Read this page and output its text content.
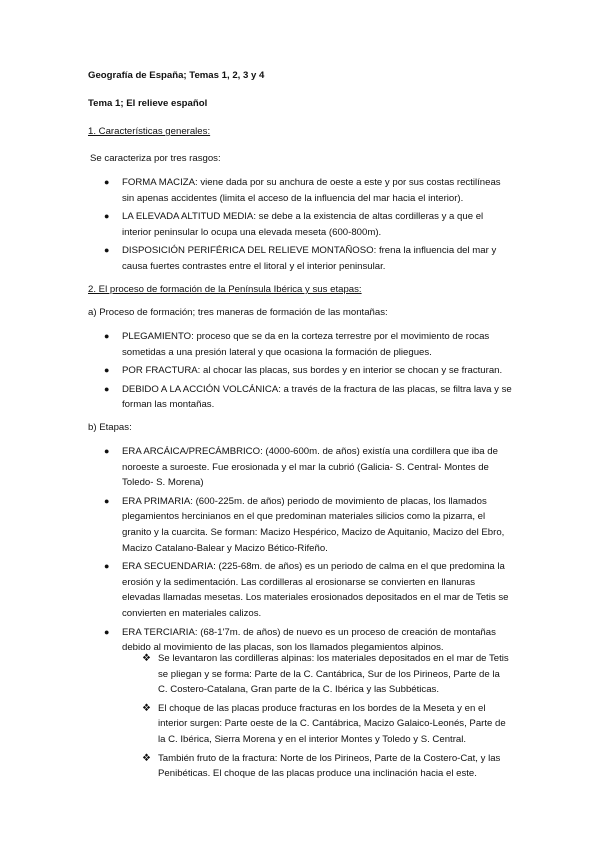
Geografía de España; Temas 1, 2, 3 y 4
Tema 1; El relieve español
1. Características generales:
Se caracteriza por tres rasgos:
● FORMA MACIZA: viene dada por su anchura de oeste a este y por sus costas rectilíneas sin apenas accidentes (limita el acceso de la influencia del mar hacia el interior).
● LA ELEVADA ALTITUD MEDIA: se debe a la existencia de altas cordilleras y a que el interior peninsular lo ocupa una elevada meseta (600-800m).
● DISPOSICIÓN PERIFÉRICA DEL RELIEVE MONTAÑOSO: frena la influencia del mar y causa fuertes contrastes entre el litoral y el interior peninsular.
2. El proceso de formación de la Península Ibérica y sus etapas:
a) Proceso de formación; tres maneras de formación de las montañas:
● PLEGAMIENTO: proceso que se da en la corteza terrestre por el movimiento de rocas sometidas a una presión lateral y que ocasiona la formación de pliegues.
● POR FRACTURA: al chocar las placas, sus bordes y en interior se chocan y se fracturan.
● DEBIDO A LA ACCIÓN VOLCÁNICA: a través de la fractura de las placas, se filtra lava y se forman las montañas.
b) Etapas:
● ERA ARCÁICA/PRECÁMBRICO: (4000-600m. de años) existía una cordillera que iba de noroeste a suroeste. Fue erosionada y el mar la cubrió (Galicia- S. Central- Montes de Toledo- S. Morena)
● ERA PRIMARIA: (600-225m. de años) periodo de movimiento de placas, los llamados plegamientos hercinianos en el que predominan materiales silicios como la pizarra, el granito y la cuarcita. Se forman: Macizo Hespérico, Macizo de Aquitanio, Macizo del Ebro, Macizo Catalano-Balear y Macizo Bético-Rifeño.
● ERA SECUENDARIA: (225-68m. de años) es un periodo de calma en el que predomina la erosión y la sedimentación. Las cordilleras al erosionarse se convierten en llanuras elevadas llamadas mesetas. Los materiales erosionados depositados en el mar de Tetis se convierten en materiales calizos.
● ERA TERCIARIA: (68-1'7m. de años) de nuevo es un proceso de creación de montañas debido al movimiento de las placas, son los llamados plegamientos alpinos.
❖ Se levantaron las cordilleras alpinas: los materiales depositados en el mar de Tetis se pliegan y se forma: Parte de la C. Cantábrica, Sur de los Pirineos, Parte de la C. Costero-Catalana, Gran parte de la C. Ibérica y las Subbéticas.
❖ El choque de las placas produce fracturas en los bordes de la Meseta y en el interior surgen: Parte oeste de la C. Cantábrica, Macizo Galaico-Leonés, Parte de la C. Ibérica, Sierra Morena y en el interior Montes y Toledo y S. Central.
❖ También fruto de la fractura: Norte de los Pirineos, Parte de la Costero-Cat, y las Penibéticas. El choque de las placas produce una inclinación hacia el este.
